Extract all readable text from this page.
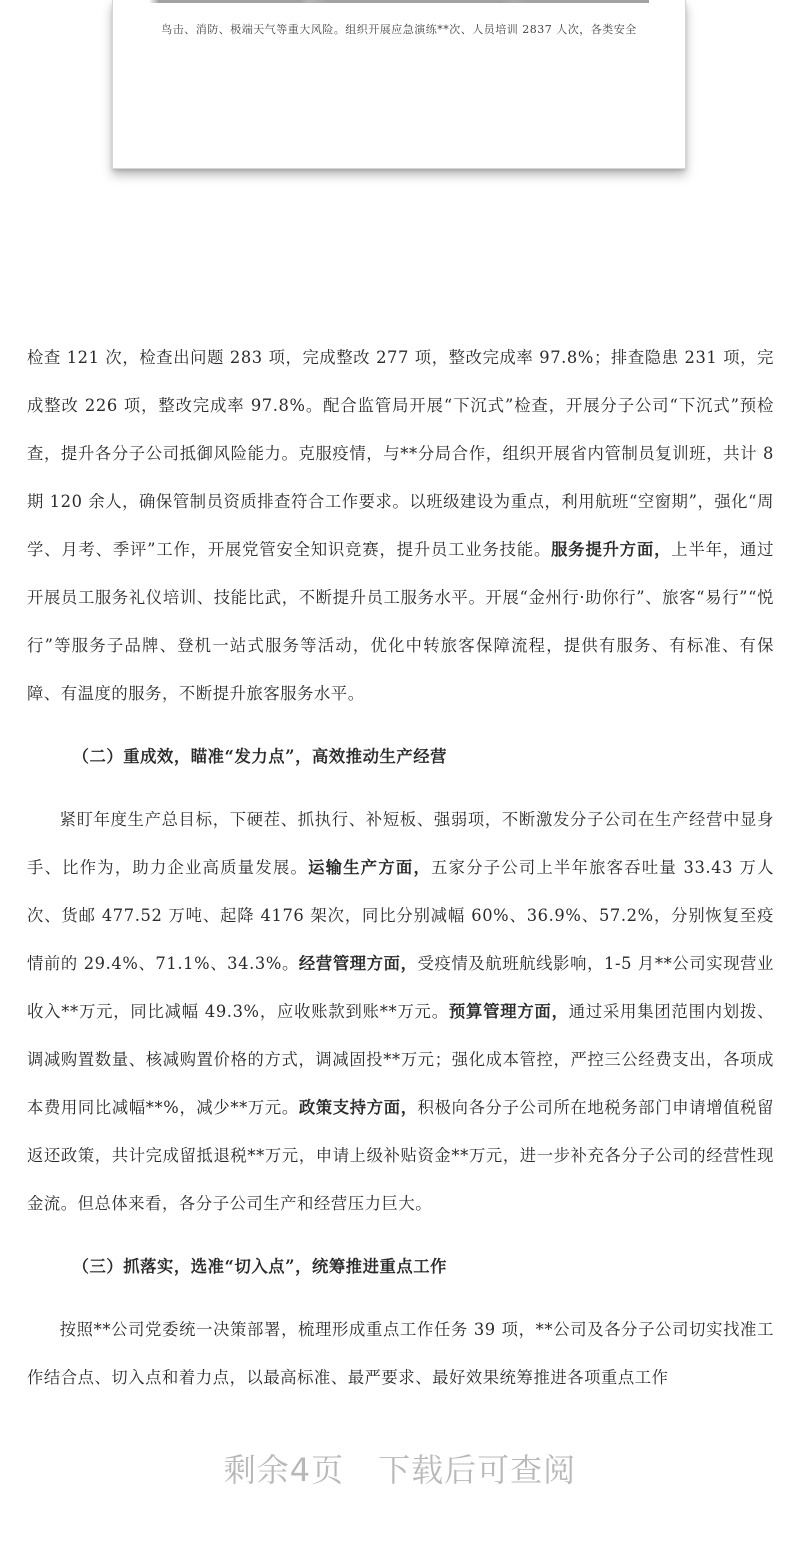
鸟击、消防、极端天气等重大风险。组织开展应急演练**次、人员培训 2837 人次，各类安全

检查 121 次，检查出问题 283 项，完成整改 277 项，整改完成率 97.8%；排查隐患 231 项，完成整改 226 项，整改完成率 97.8%。配合监管局开展“下沉式”检查，开展分子公司“下沉式”预检查，提升各分子公司抵御风险能力。克服疫情，与**分局合作，组织开展省内管制员复训班，共计 8 期 120 余人，确保管制员资质排查符合工作要求。以班级建设为重点，利用航班“空窗期”，强化“周学、月考、季评”工作，开展党管安全知识竞赛，提升员工业务技能。服务提升方面，上半年，通过开展员工服务礼仪培训、技能比武，不断提升员工服务水平。开展“金州行·助你行”、旅客“易行”“悦行”等服务子品牌、登机一站式服务等活动，优化中转旅客保障流程，提供有服务、有标准、有保障、有温度的服务，不断提升旅客服务水平。

（二）重成效，瞄准“发力点”，高效推动生产经营

紧盯年度生产总目标，下硬茬、抓执行、补短板、强弱项，不断激发分子公司在生产经营中显身手、比作为，助力企业高质量发展。运输生产方面，五家分子公司上半年旅客吞吐量 33.43 万人次、货邮 477.52 万吨、起降 4176 架次，同比分别减幅 60%、36.9%、57.2%，分别恢复至疫情前的 29.4%、71.1%、34.3%。经营管理方面，受疫情及航班航线影响，1-5 月**公司实现营业收入**万元，同比减幅 49.3%，应收账款到账**万元。预算管理方面，通过采用集团范围内划拨、调减购置数量、核减购置价格的方式，调减固投**万元；强化成本管控，严控三公经费支出，各项成本费用同比减幅**%，减少**万元。政策支持方面，积极向各分子公司所在地税务部门申请增值税留返还政策，共计完成留抵退税**万元，申请上级补贴资金**万元，进一步补充各分子公司的经营性现金流。但总体来看，各分子公司生产和经营压力巨大。

（三）抓落实，选准“切入点”，统筹推进重点工作

按照**公司党委统一决策部署，梳理形成重点工作任务 39 项，**公司及各分子公司切实找准工作结合点、切入点和着力点，以最高标准、最严要求、最好效果统筹推进各项重点工作

剩余4页 下载后可查阅
